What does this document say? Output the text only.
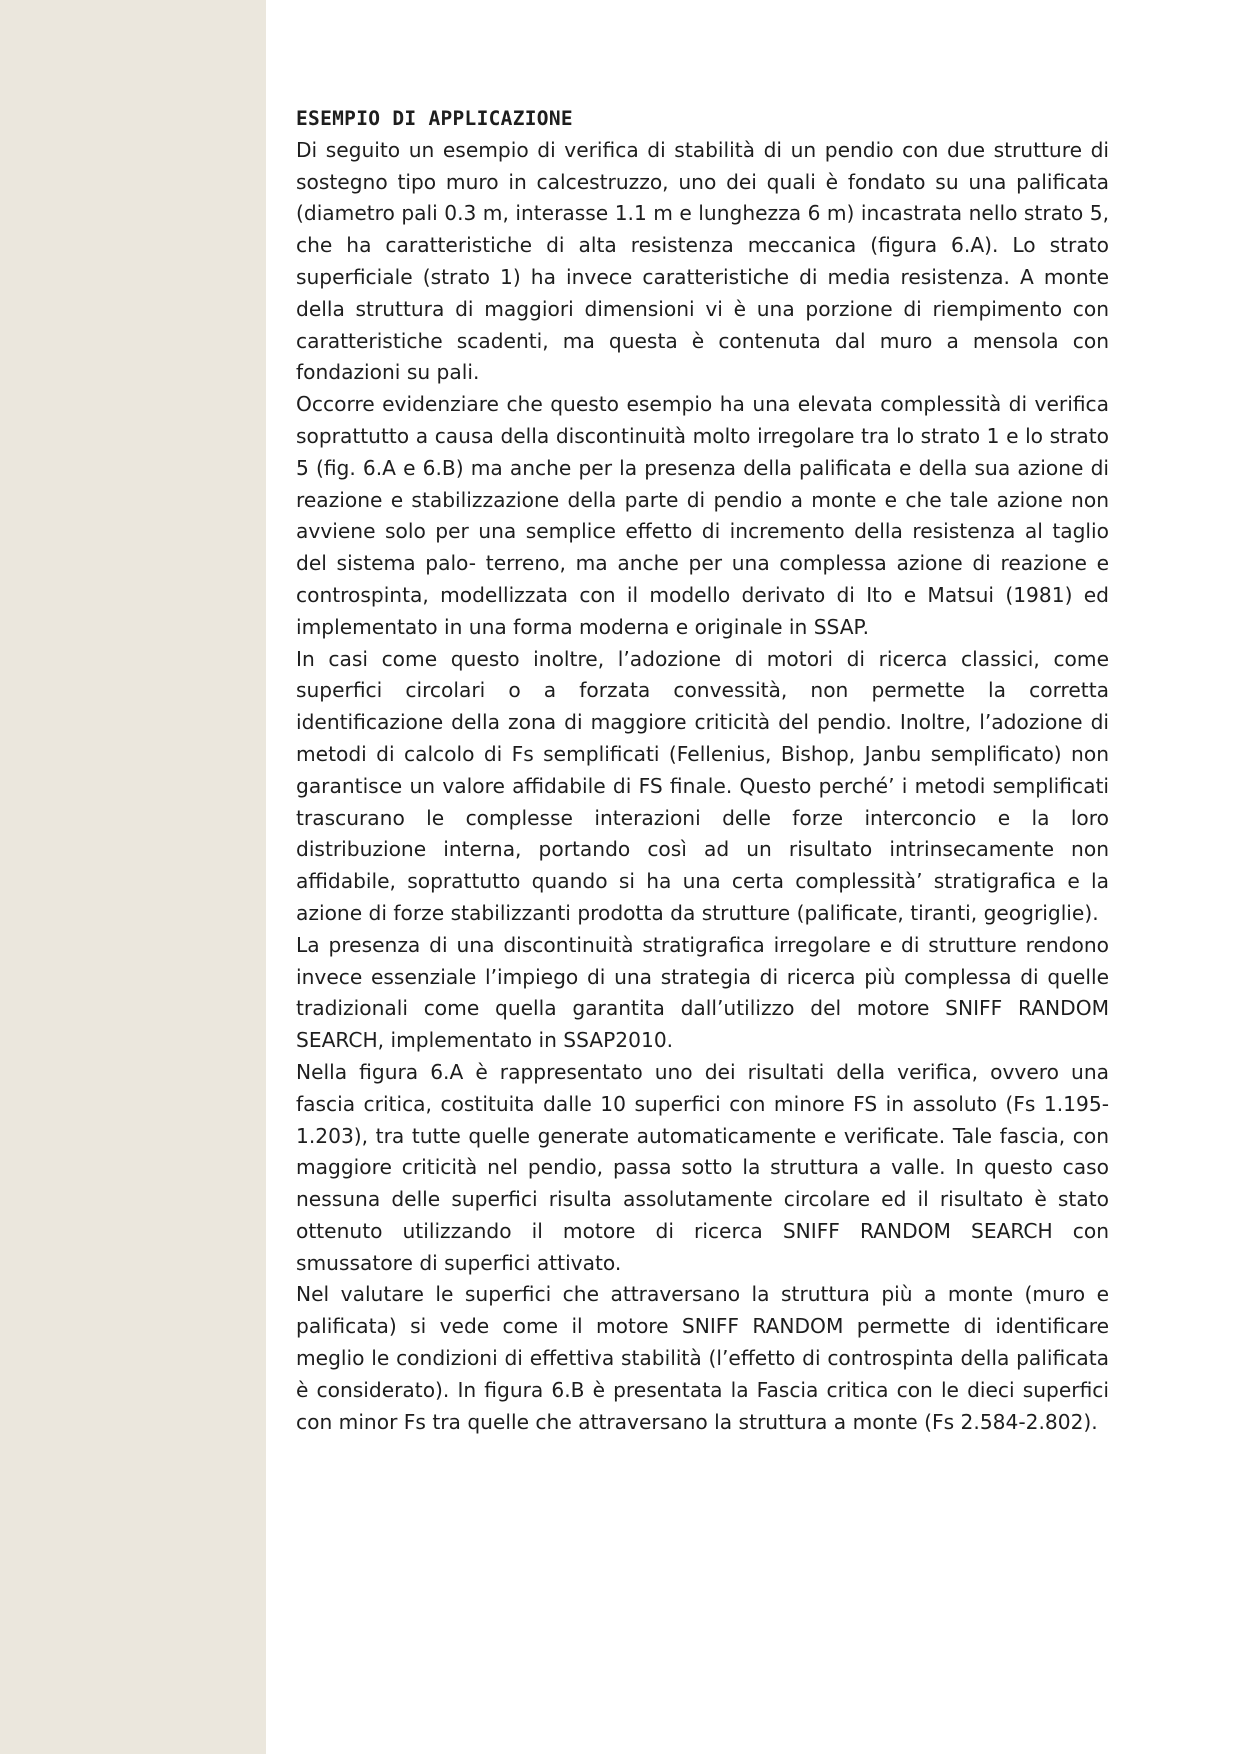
ESEMPIO DI APPLICAZIONE

Di seguito un esempio di verifica di stabilità di un pendio con due strutture di sostegno tipo muro in calcestruzzo, uno dei quali è fondato su una palificata (diametro pali 0.3 m, interasse 1.1 m e lunghezza 6 m) incastrata nello strato 5, che ha caratteristiche di alta resistenza meccanica (figura 6.A). Lo strato superficiale (strato 1) ha invece caratteristiche di media resistenza. A monte della struttura di maggiori dimensioni vi è una porzione di riempimento con caratteristiche scadenti, ma questa è contenuta dal muro a mensola con fondazioni su pali.

Occorre evidenziare che questo esempio ha una elevata complessità di verifica soprattutto a causa della discontinuità molto irregolare tra lo strato 1 e lo strato 5 (fig. 6.A e 6.B) ma anche per la presenza della palificata e della sua azione di reazione e stabilizzazione della parte di pendio a monte e che tale azione non avviene solo per una semplice effetto di incremento della resistenza al taglio del sistema palo- terreno, ma anche per una complessa azione di reazione e controspinta, modellizzata con il modello derivato di Ito e Matsui (1981) ed implementato in una forma moderna e originale in SSAP.

In casi come questo inoltre, l’adozione di motori di ricerca classici, come superfici circolari o a forzata convessità, non permette la corretta identificazione della zona di maggiore criticità del pendio. Inoltre, l’adozione di metodi di calcolo di Fs semplificati (Fellenius, Bishop, Janbu semplificato) non garantisce un valore affidabile di FS finale. Questo perché’ i metodi semplificati trascurano le complesse interazioni delle forze interconcio e la loro distribuzione interna, portando così ad un risultato intrinsecamente non affidabile, soprattutto quando si ha una certa complessità’ stratigrafica e la azione di forze stabilizzanti prodotta da strutture (palificate, tiranti, geogriglie).

La presenza di una discontinuità stratigrafica irregolare e di strutture rendono invece essenziale l’impiego di una strategia di ricerca più complessa di quelle tradizionali come quella garantita dall’utilizzo del motore SNIFF RANDOM SEARCH, implementato in SSAP2010.

Nella figura 6.A è rappresentato uno dei risultati della verifica, ovvero una fascia critica, costituita dalle 10 superfici con minore FS in assoluto (Fs 1.195-1.203), tra tutte quelle generate automaticamente e verificate. Tale fascia, con maggiore criticità nel pendio, passa sotto la struttura a valle. In questo caso nessuna delle superfici risulta assolutamente circolare ed il risultato è stato ottenuto utilizzando il motore di ricerca SNIFF RANDOM SEARCH con smussatore di superfici attivato.

Nel valutare le superfici che attraversano la struttura più a monte (muro e palificata) si vede come il motore SNIFF RANDOM permette di identificare meglio le condizioni di effettiva stabilità (l’effetto di controspinta della palificata è considerato). In figura 6.B è presentata la Fascia critica con le dieci superfici con minor Fs tra quelle che attraversano la struttura a monte (Fs 2.584-2.802).
